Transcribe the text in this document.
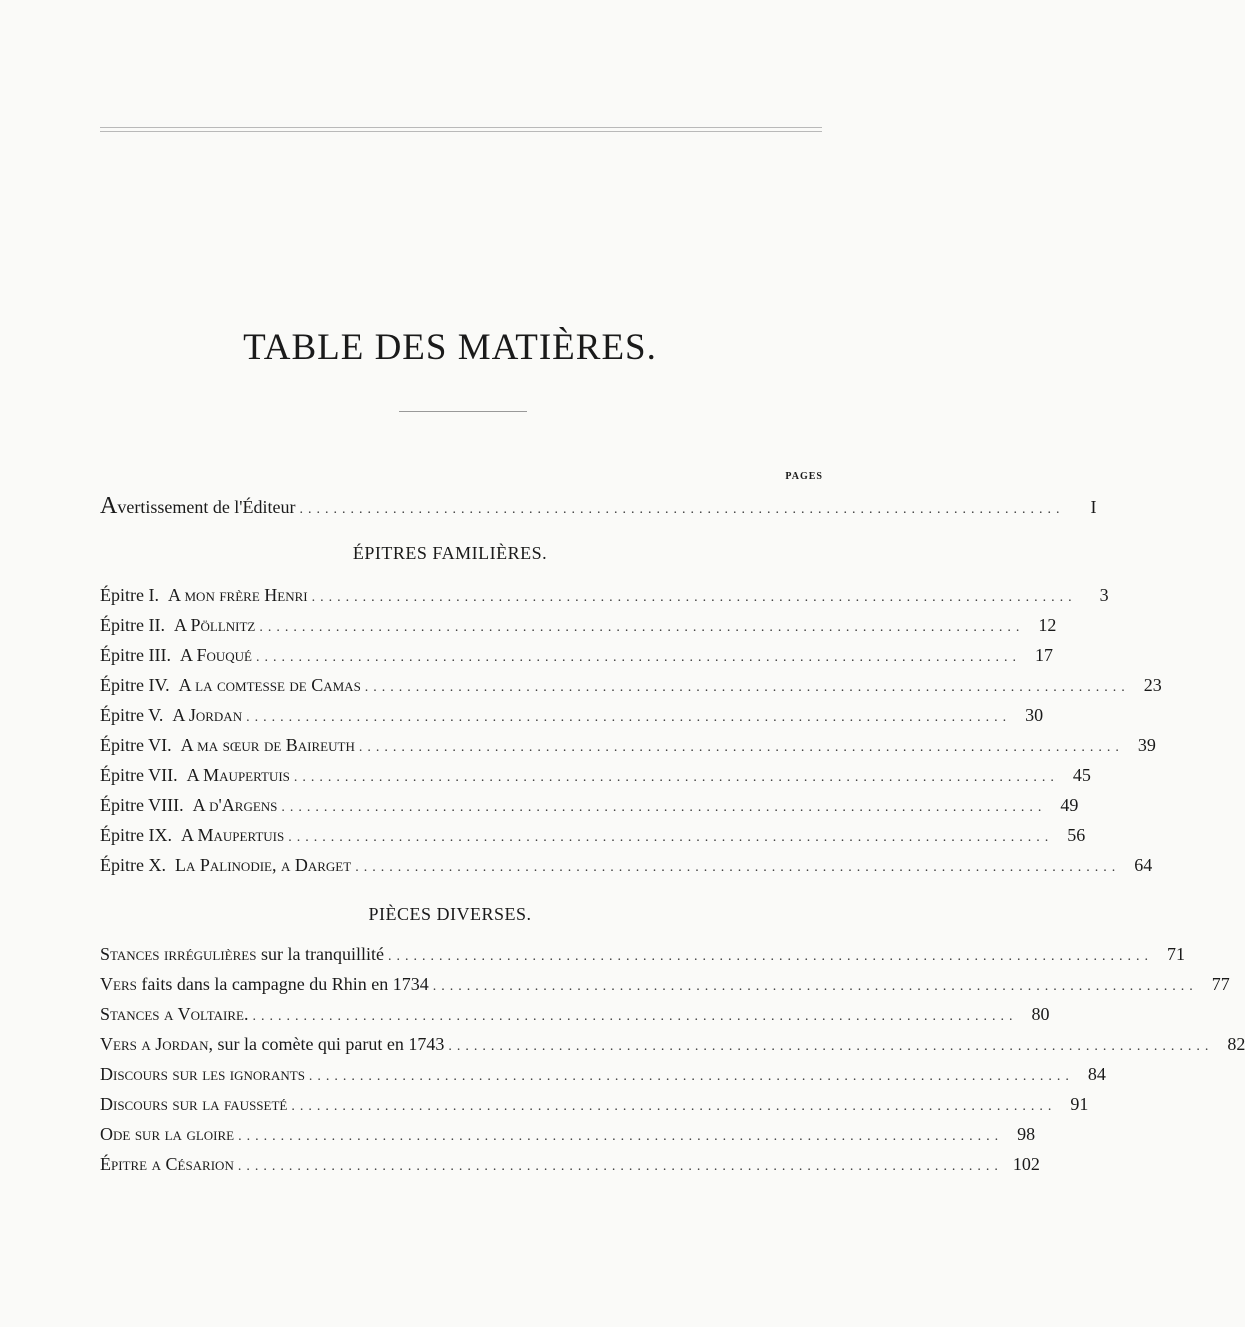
TABLE DES MATIÈRES.
PAGES
Avertissement de l'Éditeur ..........................................................................................	I
ÉPITRES FAMILIÈRES.
Épitre I. A mon frère Henri ..........................................................................................	3
Épitre II. A Pöllnitz .......................................................................................... 12
Épitre III. A Fouqué .......................................................................................... 17
Épitre IV. A la comtesse de Camas .......................................................................................... 23
Épitre V. A Jordan .......................................................................................... 30
Épitre VI. A ma sœur de Baireuth .......................................................................................... 39
Épitre VII. A Maupertuis .......................................................................................... 45
Épitre VIII. A d'Argens .......................................................................................... 49
Épitre IX. A Maupertuis .......................................................................................... 56
Épitre X. La Palinodie, a Darget .......................................................................................... 64
PIÈCES DIVERSES.
Stances irrégulières sur la tranquillité .......................................................................................... 71
Vers faits dans la campagne du Rhin en 1734 .......................................................................................... 77
Stances a Voltaire. .......................................................................................... 80
Vers a Jordan, sur la comète qui parut en 1743 .......................................................................................... 82
Discours sur les ignorants .......................................................................................... 84
Discours sur la fausseté .......................................................................................... 91
Ode sur la gloire .......................................................................................... 98
Épitre a Césarion .......................................................................................... 102
